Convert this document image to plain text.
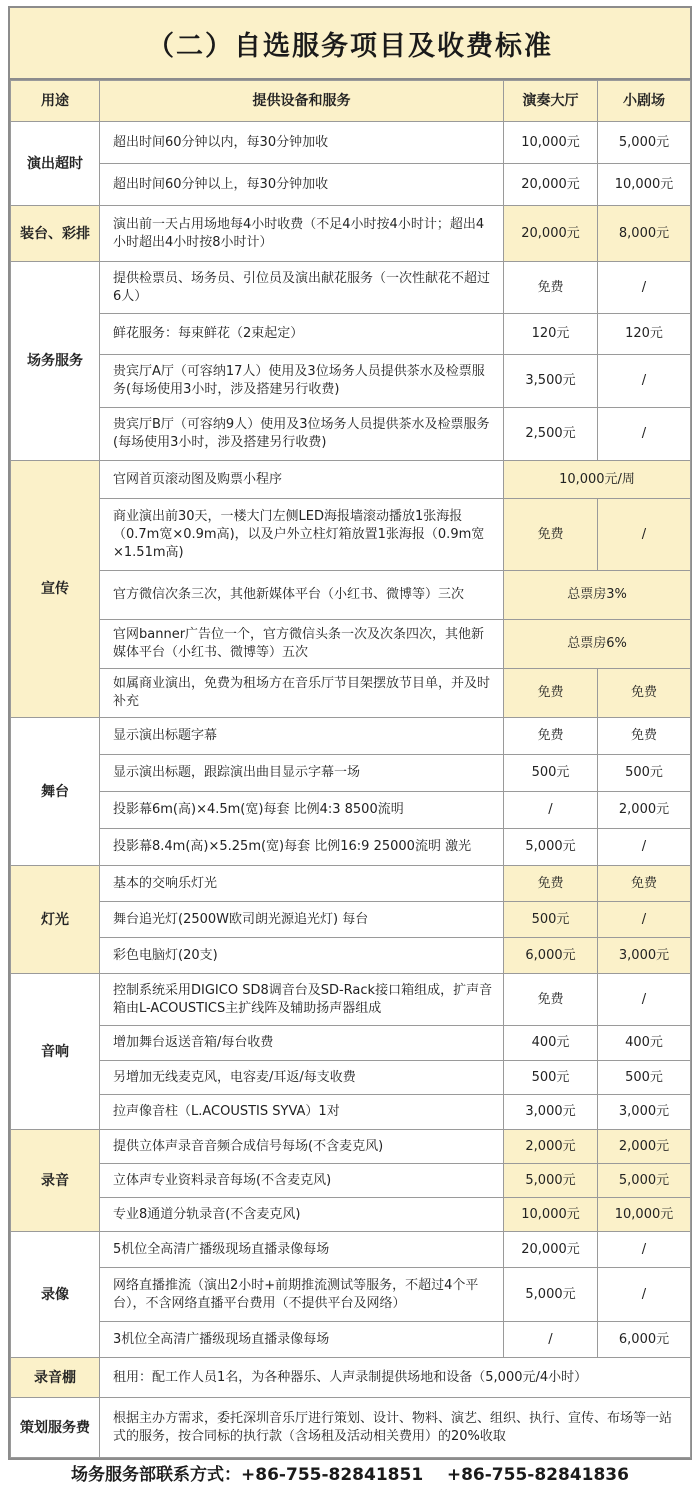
（二）自选服务项目及收费标准
用途	提供设备和服务	演奏大厅	小剧场
演出超时	超出时间60分钟以内，每30分钟加收	10,000元	5,000元
	超出时间60分钟以上，每30分钟加收	20,000元	10,000元
装台、彩排	演出前一天占用场地每4小时收费（不足4小时按4小时计；超出4小时超出4小时按8小时计）	20,000元	8,000元
场务服务	提供检票员、场务员、引位员及演出献花服务（一次性献花不超过6人）	免费	/
	鲜花服务：每束鲜花（2束起定）	120元	120元
	贵宾厅A厅（可容纳17人）使用及3位场务人员提供茶水及检票服务(每场使用3小时，涉及搭建另行收费)	3,500元	/
	贵宾厅B厅（可容纳9人）使用及3位场务人员提供茶水及检票服务(每场使用3小时，涉及搭建另行收费)	2,500元	/
宣传	官网首页滚动图及购票小程序	10,000元/周	
	商业演出前30天，一楼大门左侧LED海报墙滚动播放1张海报（0.7m宽×0.9m高)，以及户外立柱灯箱放置1张海报（0.9m宽×1.51m高)	免费	/
	官方微信次条三次，其他新媒体平台（小红书、微博等）三次	总票房3%	
	官网banner广告位一个，官方微信头条一次及次条四次，其他新媒体平台（小红书、微博等）五次	总票房6%	
	如属商业演出，免费为租场方在音乐厅节目架摆放节目单，并及时补充	免费	免费
舞台	显示演出标题字幕	免费	免费
	显示演出标题，跟踪演出曲目显示字幕一场	500元	500元
	投影幕6m(高)×4.5m(宽)每套 比例4:3 8500流明	/	2,000元
	投影幕8.4m(高)×5.25m(宽)每套 比例16:9 25000流明 激光	5,000元	/
灯光	基本的交响乐灯光	免费	免费
	舞台追光灯(2500W欧司朗光源追光灯) 每台	500元	/
	彩色电脑灯(20支)	6,000元	3,000元
音响	控制系统采用DIGICO SD8调音台及SD-Rack接口箱组成，扩声音箱由L-ACOUSTICS主扩线阵及辅助扬声器组成	免费	/
	增加舞台返送音箱/每台收费	400元	400元
	另增加无线麦克风，电容麦/耳返/每支收费	500元	500元
	拉声像音柱（L.ACOUSTIS SYVA）1对	3,000元	3,000元
录音	提供立体声录音音频合成信号每场(不含麦克风)	2,000元	2,000元
	立体声专业资料录音每场(不含麦克风)	5,000元	5,000元
	专业8通道分轨录音(不含麦克风)	10,000元	10,000元
录像	5机位全高清广播级现场直播录像每场	20,000元	/
	网络直播推流（演出2小时+前期推流测试等服务，不超过4个平台），不含网络直播平台费用（不提供平台及网络）	5,000元	/
	3机位全高清广播级现场直播录像每场	/	6,000元
录音棚	租用：配工作人员1名，为各种器乐、人声录制提供场地和设备（5,000元/4小时）		
策划服务费	根据主办方需求，委托深圳音乐厅进行策划、设计、物料、演艺、组织、执行、宣传、布场等一站式的服务，按合同标的执行款（含场租及活动相关费用）的20%收取		
场务服务部联系方式：+86-755-82841851    +86-755-82841836
